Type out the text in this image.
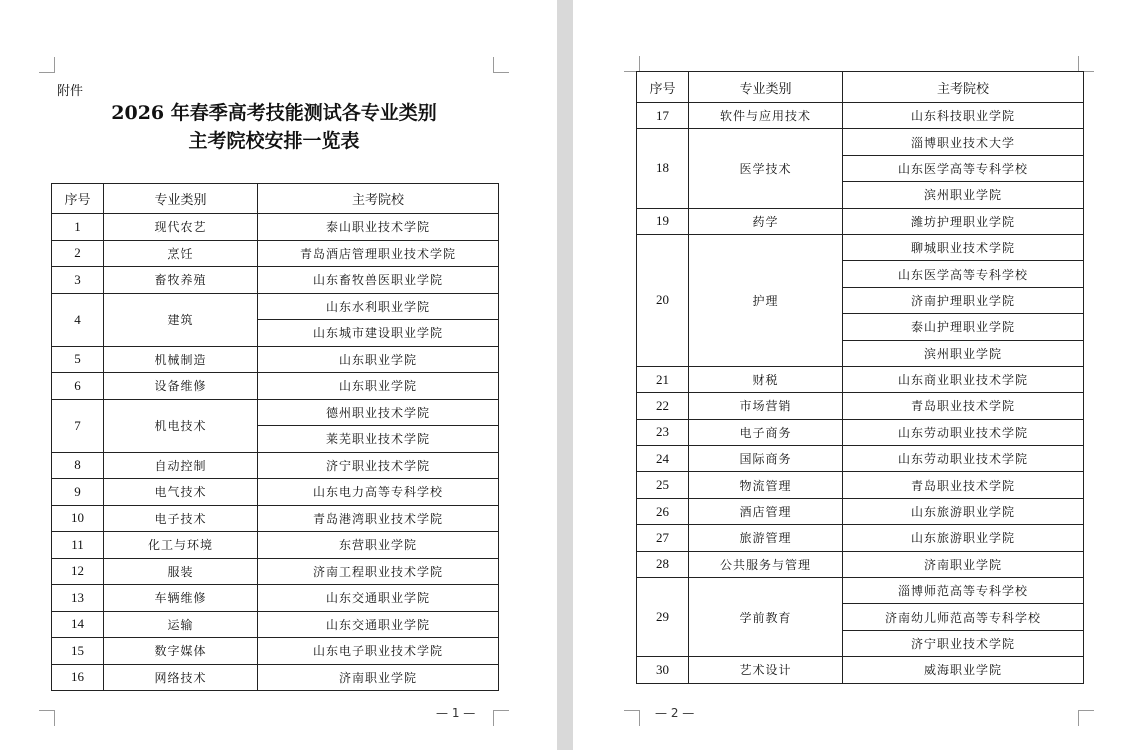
附件
2026 年春季高考技能测试各专业类别
主考院校安排一览表
序号	专业类别	主考院校
1	现代农艺	泰山职业技术学院
2	烹饪	青岛酒店管理职业技术学院
3	畜牧养殖	山东畜牧兽医职业学院
4	建筑	山东水利职业学院
		山东城市建设职业学院
5	机械制造	山东职业学院
6	设备维修	山东职业学院
7	机电技术	德州职业技术学院
		莱芜职业技术学院
8	自动控制	济宁职业技术学院
9	电气技术	山东电力高等专科学校
10	电子技术	青岛港湾职业技术学院
11	化工与环境	东营职业学院
12	服装	济南工程职业技术学院
13	车辆维修	山东交通职业学院
14	运输	山东交通职业学院
15	数字媒体	山东电子职业技术学院
16	网络技术	济南职业学院
— 1 —
序号	专业类别	主考院校
17	软件与应用技术	山东科技职业学院
18	医学技术	淄博职业技术大学
		山东医学高等专科学校
		滨州职业学院
19	药学	潍坊护理职业学院
20	护理	聊城职业技术学院
		山东医学高等专科学校
		济南护理职业学院
		泰山护理职业学院
		滨州职业学院
21	财税	山东商业职业技术学院
22	市场营销	青岛职业技术学院
23	电子商务	山东劳动职业技术学院
24	国际商务	山东劳动职业技术学院
25	物流管理	青岛职业技术学院
26	酒店管理	山东旅游职业学院
27	旅游管理	山东旅游职业学院
28	公共服务与管理	济南职业学院
29	学前教育	淄博师范高等专科学校
		济南幼儿师范高等专科学校
		济宁职业技术学院
30	艺术设计	威海职业学院
— 2 —
